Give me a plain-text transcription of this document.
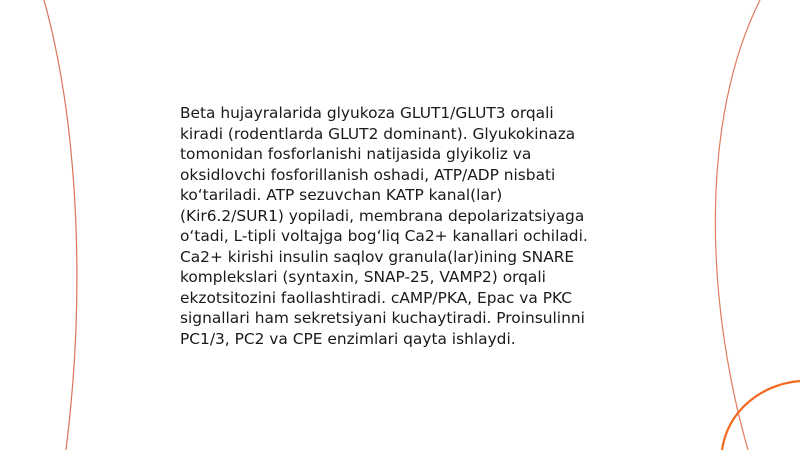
Beta hujayralarida glyukoza GLUT1/GLUT3 orqali
kiradi (rodentlarda GLUT2 dominant). Glyukokinaza
tomonidan fosforlanishi natijasida glyikoliz va
oksidlovchi fosforillanish oshadi, ATP/ADP nisbati
ko‘tariladi. ATP sezuvchan KATP kanal(lar)
(Kir6.2/SUR1) yopiladi, membrana depolarizatsiyaga
o‘tadi, L-tipli voltajga bog‘liq Ca2+ kanallari ochiladi.
Ca2+ kirishi insulin saqlov granula(lar)ining SNARE
komplekslari (syntaxin, SNAP-25, VAMP2) orqali
ekzotsitozini faollashtiradi. cAMP/PKA, Epac va PKC
signallari ham sekretsiyani kuchaytiradi. Proinsulinni
PC1/3, PC2 va CPE enzimlari qayta ishlaydi.
